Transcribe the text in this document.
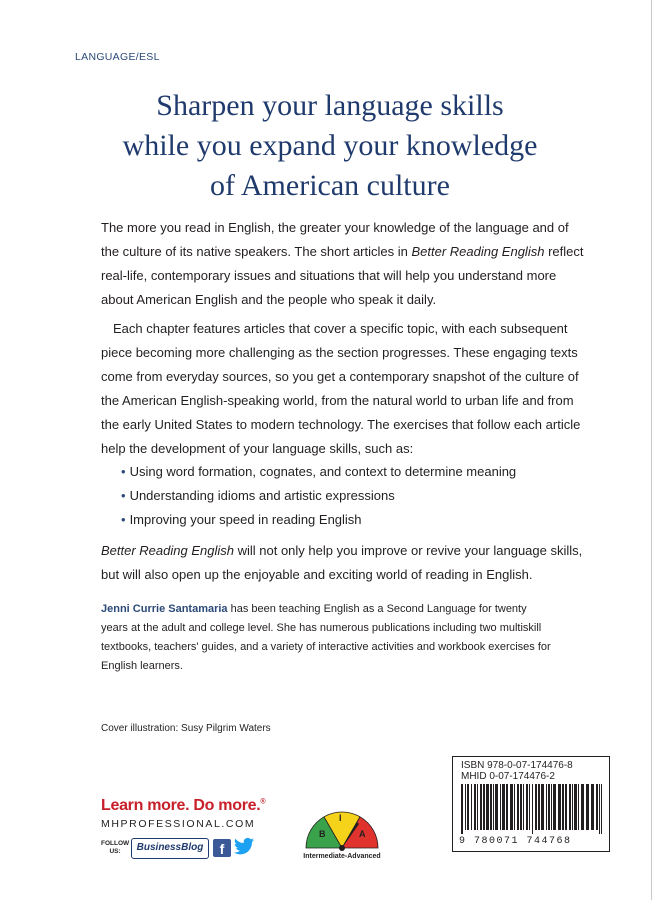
LANGUAGE/ESL
Sharpen your language skills
while you expand your knowledge
of American culture
The more you read in English, the greater your knowledge of the language and of
the culture of its native speakers. The short articles in Better Reading English reflect
real-life, contemporary issues and situations that will help you understand more
about American English and the people who speak it daily.
Each chapter features articles that cover a specific topic, with each subsequent
piece becoming more challenging as the section progresses. These engaging texts
come from everyday sources, so you get a contemporary snapshot of the culture of
the American English-speaking world, from the natural world to urban life and from
the early United States to modern technology. The exercises that follow each article
help the development of your language skills, such as:
• Using word formation, cognates, and context to determine meaning
• Understanding idioms and artistic expressions
• Improving your speed in reading English
Better Reading English will not only help you improve or revive your language skills,
but will also open up the enjoyable and exciting world of reading in English.
Jenni Currie Santamaria has been teaching English as a Second Language for twenty
years at the adult and college level. She has numerous publications including two multiskill
textbooks, teachers' guides, and a variety of interactive activities and workbook exercises for
English learners.
Cover illustration: Susy Pilgrim Waters
ISBN 978-0-07-174476-8
MHID 0-07-174476-2
9 780071 744768
Learn more. Do more.®
MHPROFESSIONAL.COM
FOLLOW
US:	BusinessBlog	f
B
I
A
Intermediate-Advanced
